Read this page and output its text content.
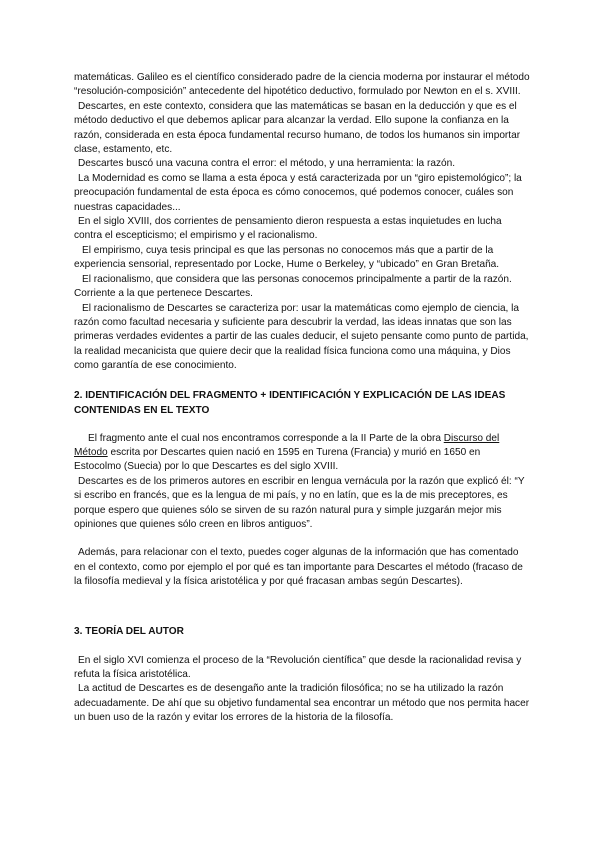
matemáticas. Galileo es el científico considerado padre de la ciencia moderna por instaurar el método “resolución-composición” antecedente del hipotético deductivo, formulado por Newton en el s. XVIII.

Descartes, en este contexto, considera que las matemáticas se basan en la deducción y que es el método deductivo el que debemos aplicar para alcanzar la verdad. Ello supone la confianza en la razón, considerada en esta época fundamental recurso humano, de todos los humanos sin importar clase, estamento, etc.

Descartes buscó una vacuna contra el error: el método, y una herramienta: la razón.

La Modernidad es como se llama a esta época y está caracterizada por un “giro epistemológico”; la preocupación fundamental de esta época es cómo conocemos, qué podemos conocer, cuáles son nuestras capacidades...

En el siglo XVIII, dos corrientes de pensamiento dieron respuesta a estas inquietudes en lucha contra el escepticismo; el empirismo y el racionalismo.

El empirismo, cuya tesis principal es que las personas no conocemos más que a partir de la experiencia sensorial, representado por Locke, Hume o Berkeley, y “ubicado” en Gran Bretaña.

El racionalismo, que considera que las personas conocemos principalmente a partir de la razón. Corriente a la que pertenece Descartes.

El racionalismo de Descartes se caracteriza por: usar la matemáticas como ejemplo de ciencia, la razón como facultad necesaria y suficiente para descubrir la verdad, las ideas innatas que son las primeras verdades evidentes a partir de las cuales deducir, el sujeto pensante como punto de partida, la realidad mecanicista que quiere decir que la realidad física funciona como una máquina, y Dios como garantía de ese conocimiento.

2. IDENTIFICACIÓN DEL FRAGMENTO + IDENTIFICACIÓN Y EXPLICACIÓN DE LAS IDEAS CONTENIDAS EN EL TEXTO

El fragmento ante el cual nos encontramos corresponde a la II Parte de la obra Discurso del Método escrita por Descartes quien nació en 1595 en Turena (Francia) y murió en 1650 en Estocolmo (Suecia) por lo que Descartes es del siglo XVIII.

Descartes es de los primeros autores en escribir en lengua vernácula por la razón que explicó él: “Y si escribo en francés, que es la lengua de mi país, y no en latín, que es la de mis preceptores, es porque espero que quienes sólo se sirven de su razón natural pura y simple juzgarán mejor mis opiniones que quienes sólo creen en libros antiguos”.

Además, para relacionar con el texto, puedes coger algunas de la información que has comentado en el contexto, como por ejemplo el por qué es tan importante para Descartes el método (fracaso de la filosofía medieval y la física aristotélica y por qué fracasan ambas según Descartes).

3. TEORÍA DEL AUTOR

En el siglo XVI comienza el proceso de la “Revolución científica” que desde la racionalidad revisa y refuta la física aristotélica.

La actitud de Descartes es de desengaño ante la tradición filosófica; no se ha utilizado la razón adecuadamente. De ahí que su objetivo fundamental sea encontrar un método que nos permita hacer un buen uso de la razón y evitar los errores de la historia de la filosofía.
